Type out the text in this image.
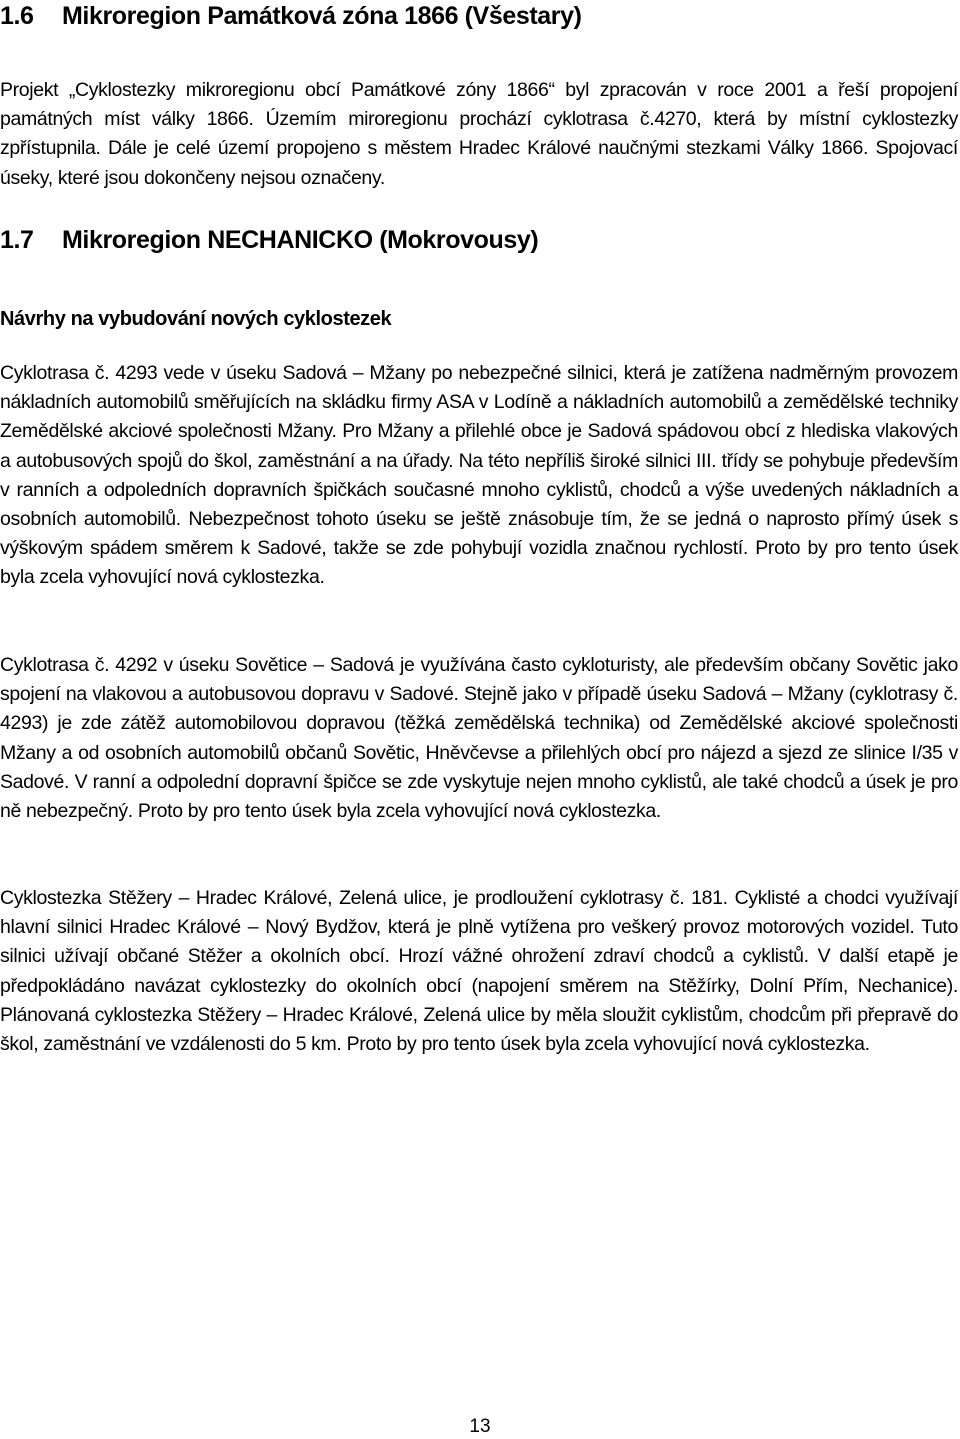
1.6 Mikroregion Památková zóna 1866 (Všestary)

Projekt „Cyklostezky mikroregionu obcí Památkové zóny 1866“ byl zpracován v roce 2001 a řeší propojení památných míst války 1866. Územím miroregionu prochází cyklotrasa č.4270, která by místní cyklostezky zpřístupnila. Dále je celé území propojeno s městem Hradec Králové naučnými stezkami Války 1866. Spojovací úseky, které jsou dokončeny nejsou označeny.

1.7 Mikroregion NECHANICKO (Mokrovousy)
Návrhy na vybudování nových cyklostezek

Cyklotrasa č. 4293 vede v úseku Sadová – Mžany po nebezpečné silnici, která je zatížena nadměrným provozem nákladních automobilů směřujících na skládku firmy ASA v Lodíně a nákladních automobilů a zemědělské techniky Zemědělské akciové společnosti Mžany. Pro Mžany a přilehlé obce je Sadová spádovou obcí z hlediska vlakových a autobusových spojů do škol, zaměstnání a na úřady. Na této nepříliš široké silnici III. třídy se pohybuje především v ranních a odpoledních dopravních špičkách současné mnoho cyklistů, chodců a výše uvedených nákladních a osobních automobilů. Nebezpečnost tohoto úseku se ještě znásobuje tím, že se jedná o naprosto přímý úsek s výškovým spádem směrem k Sadové, takže se zde pohybují vozidla značnou rychlostí. Proto by pro tento úsek byla zcela vyhovující nová cyklostezka.

Cyklotrasa č. 4292 v úseku Sovětice – Sadová je využívána často cykloturisty, ale především občany Sovětic jako spojení na vlakovou a autobusovou dopravu v Sadové. Stejně jako v případě úseku Sadová – Mžany (cyklotrasy č. 4293) je zde zátěž automobilovou dopravou (těžká zemědělská technika) od Zemědělské akciové společnosti Mžany a od osobních automobilů občanů Sovětic, Hněvčevse a přilehlých obcí pro nájezd a sjezd ze slinice I/35 v Sadové. V ranní a odpolední dopravní špičce se zde vyskytuje nejen mnoho cyklistů, ale také chodců a úsek je pro ně nebezpečný. Proto by pro tento úsek byla zcela vyhovující nová cyklostezka.

Cyklostezka Stěžery – Hradec Králové, Zelená ulice, je prodloužení cyklotrasy č. 181. Cyklisté a chodci využívají hlavní silnici Hradec Králové – Nový Bydžov, která je plně vytížena pro veškerý provoz motorových vozidel. Tuto silnici užívají občané Stěžer a okolních obcí. Hrozí vážné ohrožení zdraví chodců a cyklistů. V další etapě je předpokládáno navázat cyklostezky do okolních obcí (napojení směrem na Stěžírky, Dolní Přím, Nechanice). Plánovaná cyklostezka Stěžery – Hradec Králové, Zelená ulice by měla sloužit cyklistům, chodcům při přepravě do škol, zaměstnání ve vzdálenosti do 5 km. Proto by pro tento úsek byla zcela vyhovující nová cyklostezka.

13
